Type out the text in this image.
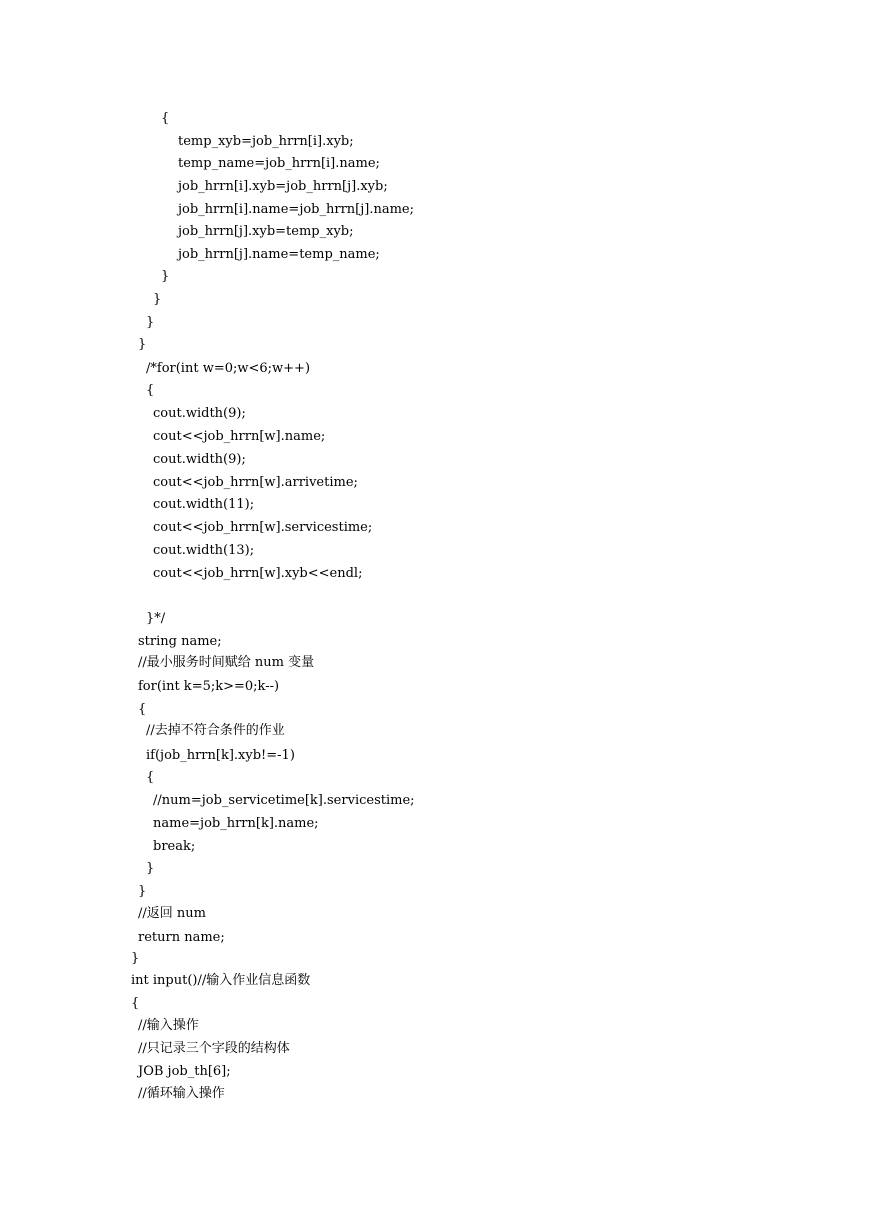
{
temp_xyb=job_hrrn[i].xyb;
temp_name=job_hrrn[i].name;
job_hrrn[i].xyb=job_hrrn[j].xyb;
job_hrrn[i].name=job_hrrn[j].name;
job_hrrn[j].xyb=temp_xyb;
job_hrrn[j].name=temp_name;
}
}
}
}
/*for(int w=0;w<6;w++)
{
cout.width(9);
cout<<job_hrrn[w].name;
cout.width(9);
cout<<job_hrrn[w].arrivetime;
cout.width(11);
cout<<job_hrrn[w].servicestime;
cout.width(13);
cout<<job_hrrn[w].xyb<<endl;
}*/
string name;
//最小服务时间赋给 num 变量
for(int k=5;k>=0;k--)
{
//去掉不符合条件的作业
if(job_hrrn[k].xyb!=-1)
{
//num=job_servicetime[k].servicestime;
name=job_hrrn[k].name;
break;
}
}
//返回 num
return name;
}
int input()//输入作业信息函数
{
//输入操作
//只记录三个字段的结构体
JOB job_th[6];
//循环输入操作
